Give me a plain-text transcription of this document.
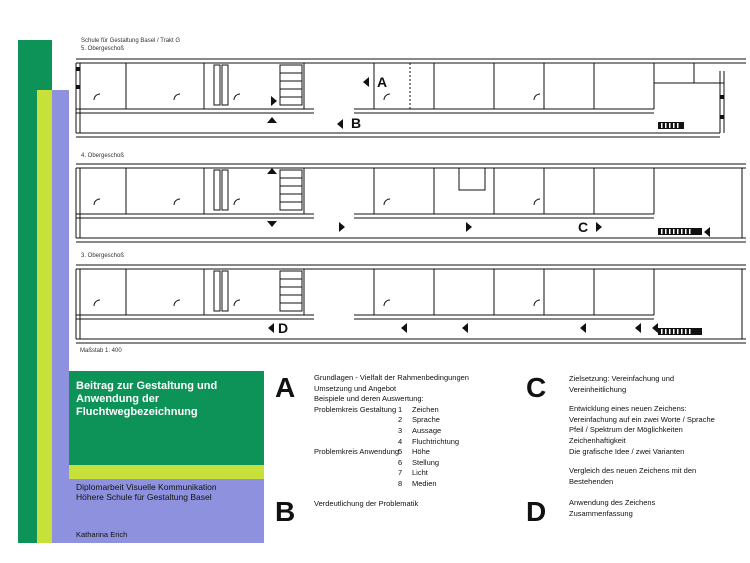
Schule für Gestaltung Basel / Trakt G
5. Obergeschoß
A
B
4. Obergeschoß
C
3. Obergeschoß
D
Maßstab 1: 400
Beitrag zur Gestaltung und Anwendung der Fluchtwegbezeichnung
Diplomarbeit Visuelle Kommunikation
Höhere Schule für Gestaltung Basel
Katharina Erich
A	Grundlagen - Vielfalt der Rahmenbedingungen
Umsetzung und Angebot
Beispiele und deren Auswertung:
Problemkreis Gestaltung 1 Zeichen
2 Sprache
3 Aussage
4 Fluchtrichtung
Problemkreis Anwendung5 Höhe
6 Stellung
7 Licht
8 Medien
B	Verdeutlichung der Problematik
C	Zielsetzung: Vereinfachung und
Vereinheitlichung
Entwicklung eines neuen Zeichens:
Vereinfachung auf ein zwei Worte / Sprache
Pfeil / Spektrum der Möglichkeiten
Zeichenhaftigkeit
Die grafische Idee / zwei Varianten
Vergleich des neuen Zeichens mit den
Bestehenden
D	Anwendung des Zeichens
Zusammenfassung
